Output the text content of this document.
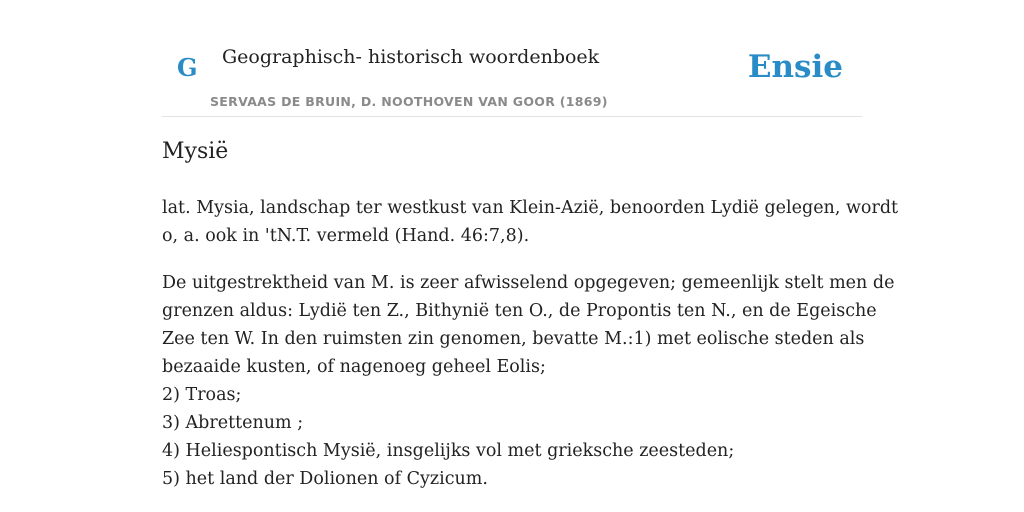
G Geographisch- historisch woordenboek
SERVAAS DE BRUIN, D. NOOTHOVEN VAN GOOR (1869)
Ensie
Mysië

lat. Mysia, landschap ter westkust van Klein-Azië, benoorden Lydië gelegen, wordt
o, a. ook in 'tN.T. vermeld (Hand. 46:7,8).

De uitgestrektheid van M. is zeer afwisselend opgegeven; gemeenlijk stelt men de
grenzen aldus: Lydië ten Z., Bithynië ten O., de Propontis ten N., en de Egeische
Zee ten W. In den ruimsten zin genomen, bevatte M.:1) met eolische steden als
bezaaide kusten, of nagenoeg geheel Eolis;
2) Troas;
3) Abrettenum ;
4) Heliespontisch Mysië, insgelijks vol met grieksche zeesteden;
5) het land der Dolionen of Cyzicum.
